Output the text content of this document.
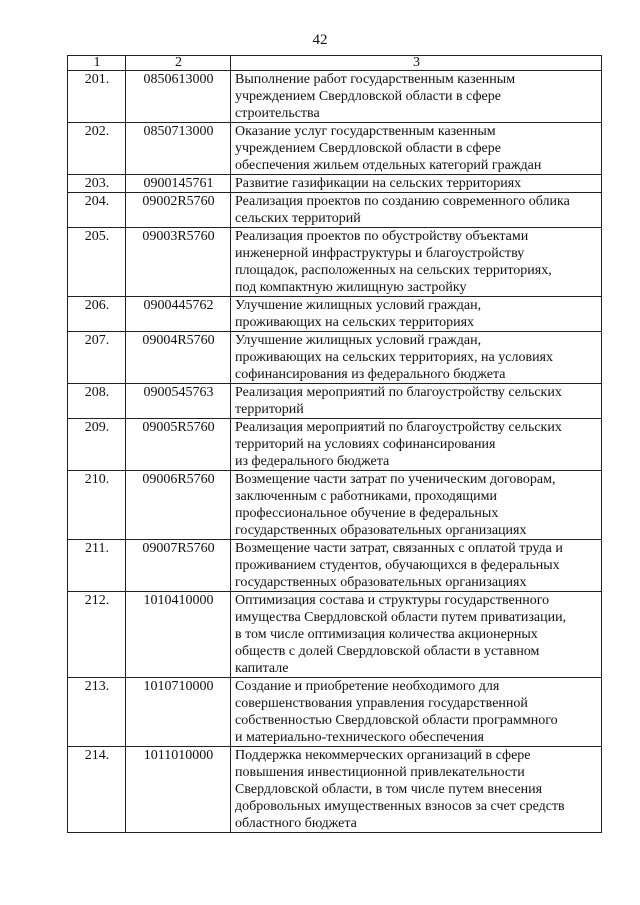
42
1	2	3
201.	0850613000	Выполнение работ государственным казенным
учреждением Свердловской области в сфере
строительства

202.	0850713000	Оказание услуг государственным казенным
учреждением Свердловской области в сфере
обеспечения жильем отдельных категорий граждан

203.	0900145761	Развитие газификации на сельских территориях

204.	09002R5760	Реализация проектов по созданию современного облика
сельских территорий

205.	09003R5760	Реализация проектов по обустройству объектами
инженерной инфраструктуры и благоустройству
площадок, расположенных на сельских территориях,
под компактную жилищную застройку

206.	0900445762	Улучшение жилищных условий граждан,
проживающих на сельских территориях

207.	09004R5760	Улучшение жилищных условий граждан,
проживающих на сельских территориях, на условиях
софинансирования из федерального бюджета

208.	0900545763	Реализация мероприятий по благоустройству сельских
территорий

209.	09005R5760	Реализация мероприятий по благоустройству сельских
территорий на условиях софинансирования
из федерального бюджета

210.	09006R5760	Возмещение части затрат по ученическим договорам,
заключенным с работниками, проходящими
профессиональное обучение в федеральных
государственных образовательных организациях

211.	09007R5760	Возмещение части затрат, связанных с оплатой труда и
проживанием студентов, обучающихся в федеральных
государственных образовательных организациях

212.	1010410000	Оптимизация состава и структуры государственного
имущества Свердловской области путем приватизации,
в том числе оптимизация количества акционерных
обществ с долей Свердловской области в уставном
капитале

213.	1010710000	Создание и приобретение необходимого для
совершенствования управления государственной
собственностью Свердловской области программного
и материально-технического обеспечения

214.	1011010000	Поддержка некоммерческих организаций в сфере
повышения инвестиционной привлекательности
Свердловской области, в том числе путем внесения
добровольных имущественных взносов за счет средств
областного бюджета
